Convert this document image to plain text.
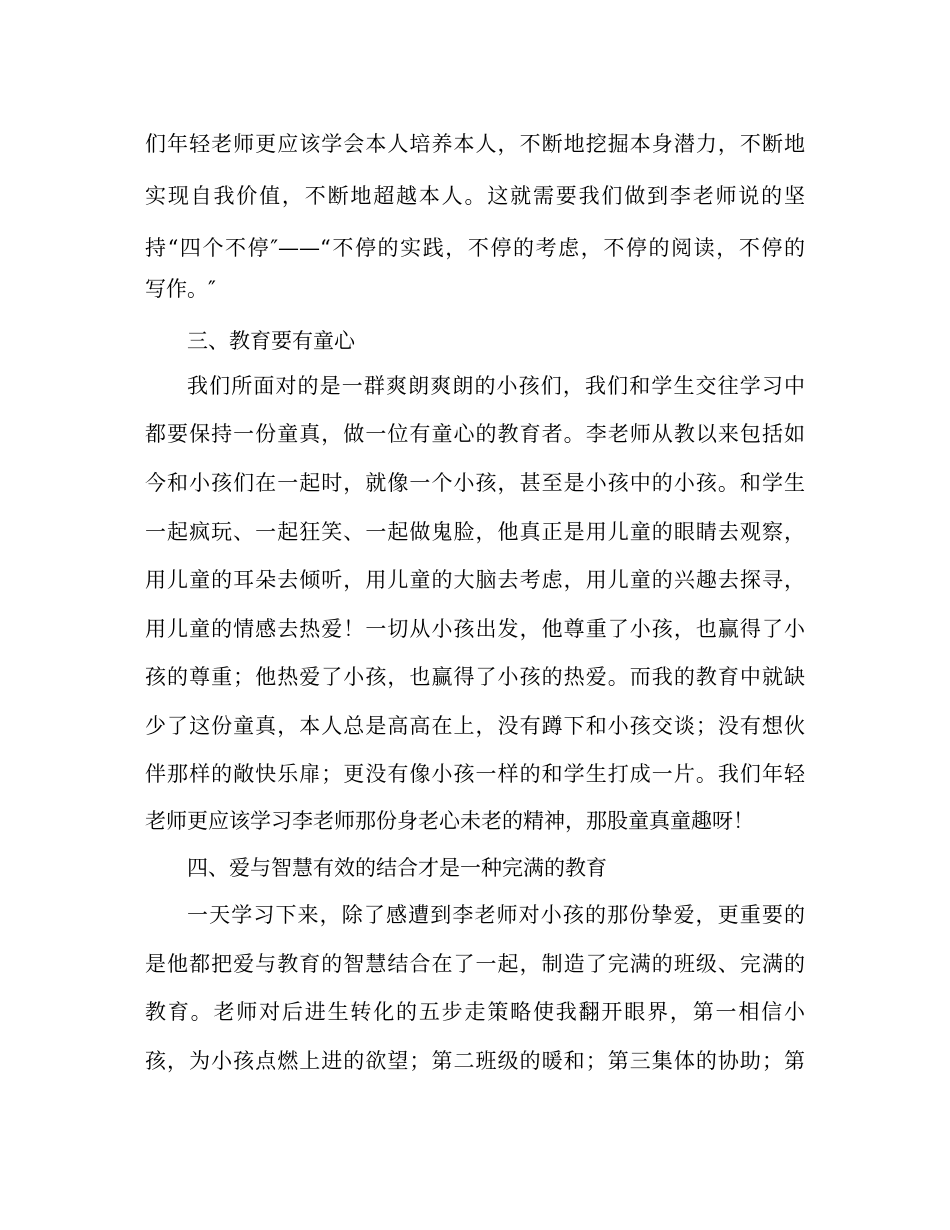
们年轻老师更应该学会本人培养本人，不断地挖掘本身潜力，不断地
实现自我价值，不断地超越本人。这就需要我们做到李老师说的坚
持“四个不停″——“不停的实践，不停的考虑，不停的阅读，不停的
写作。″
三、教育要有童心
我们所面对的是一群爽朗爽朗的小孩们，我们和学生交往学习中
都要保持一份童真，做一位有童心的教育者。李老师从教以来包括如
今和小孩们在一起时，就像一个小孩，甚至是小孩中的小孩。和学生
一起疯玩、一起狂笑、一起做鬼脸，他真正是用儿童的眼睛去观察，
用儿童的耳朵去倾听，用儿童的大脑去考虑，用儿童的兴趣去探寻，
用儿童的情感去热爱！一切从小孩出发，他尊重了小孩，也赢得了小
孩的尊重；他热爱了小孩，也赢得了小孩的热爱。而我的教育中就缺
少了这份童真，本人总是高高在上，没有蹲下和小孩交谈；没有想伙
伴那样的敞快乐扉；更没有像小孩一样的和学生打成一片。我们年轻
老师更应该学习李老师那份身老心未老的精神，那股童真童趣呀！
四、爱与智慧有效的结合才是一种完满的教育
一天学习下来，除了感遭到李老师对小孩的那份挚爱，更重要的
是他都把爱与教育的智慧结合在了一起，制造了完满的班级、完满的
教育。老师对后进生转化的五步走策略使我翻开眼界，第一相信小
孩，为小孩点燃上进的欲望；第二班级的暖和；第三集体的协助；第
